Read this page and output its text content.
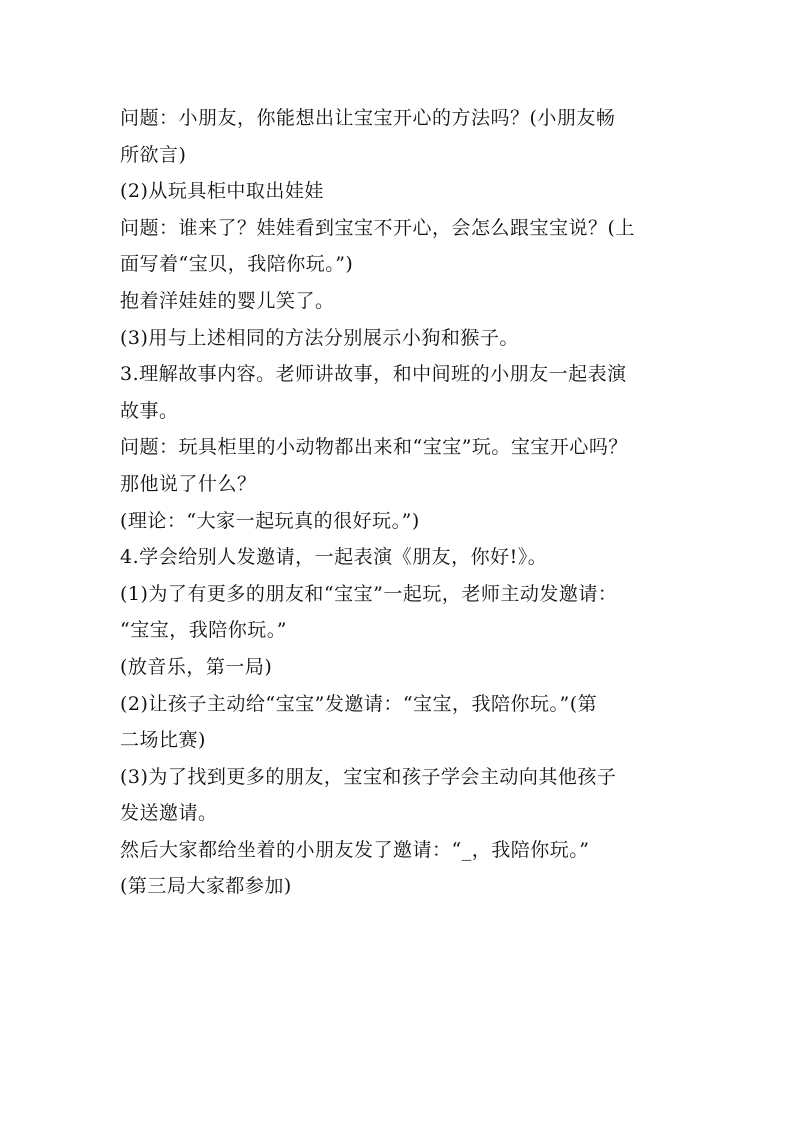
问题：小朋友，你能想出让宝宝开心的方法吗？(小朋友畅
所欲言)
(2)从玩具柜中取出娃娃
问题：谁来了？娃娃看到宝宝不开心，会怎么跟宝宝说？(上
面写着“宝贝，我陪你玩。”)
抱着洋娃娃的婴儿笑了。
(3)用与上述相同的方法分别展示小狗和猴子。
3.理解故事内容。老师讲故事，和中间班的小朋友一起表演
故事。
问题：玩具柜里的小动物都出来和“宝宝”玩。宝宝开心吗？
那他说了什么？
(理论：“大家一起玩真的很好玩。”)
4.学会给别人发邀请，一起表演《朋友，你好!》。
(1)为了有更多的朋友和“宝宝”一起玩，老师主动发邀请：
“宝宝，我陪你玩。”
(放音乐，第一局)
(2)让孩子主动给“宝宝”发邀请：“宝宝，我陪你玩。”(第
二场比赛)
(3)为了找到更多的朋友，宝宝和孩子学会主动向其他孩子
发送邀请。
然后大家都给坐着的小朋友发了邀请：“_，我陪你玩。”
(第三局大家都参加)
